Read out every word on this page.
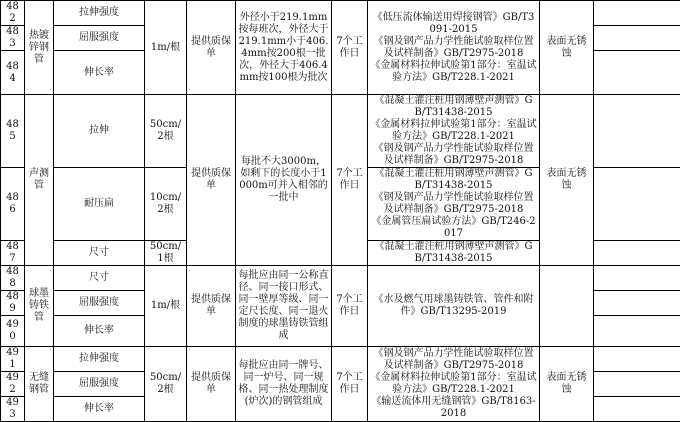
482	热镀锌钢管	拉伸强度	1m/根	提供质保单	外径小于219.1mm按每班次，外径大于219.1mm小于406.4mm按200根一批次，外径大于406.4mm按100根为批次	7个工作日	《低压流体输送用焊接钢管》GB/T3091-2015
《钢及钢产品力学性能试验取样位置及试样制备》GB/T2975-2018
《金属材料拉伸试验第1部分：室温试验方法》GB/T228.1-2021	表面无锈蚀	
483		屈服强度							
484		伸长率							
485	声测管	拉伸	50cm/2根	提供质保单	每批不大3000m，如剩下的长度小于1000m可并入相邻的一批中	7个工作日	《混凝土灌注桩用钢薄壁声测管》GB/T31438-2015
《金属材料拉伸试验第1部分：室温试验方法》GB/T228.1-2021
《钢及钢产品力学性能试验取样位置及试样制备》GB/T2975-2018	表面无锈蚀	
486		耐压扁	10cm/2根				《混凝土灌注桩用钢薄壁声测管》GB/T31438-2015
《钢及钢产品力学性能试验取样位置及试样制备》GB/T2975-2018
《金属管压扁试验方法》GB/T246-2017		
487		尺寸	50cm/1根				《混凝土灌注桩用钢薄壁声测管》GB/T31438-2015		
488	球墨铸铁管	尺寸	1m/根	提供质保单	每批应由同一公称直径、同一接口形式、同一壁厚等级、同一定尺长度、同一退火制度的球墨铸铁管组成	7个工作日	《水及燃气用球墨铸铁管、管件和附件》GB/T13295-2019		
489		屈服强度							
490		伸长率							
491	无缝钢管	拉伸强度	50cm/2根	提供质保单	每批应由同一牌号、同一炉号、同一规格、同一热处理制度(炉次)的钢管组成	7个工作日	《钢及钢产品力学性能试验取样位置及试样制备》GB/T2975-2018
《金属材料拉伸试验第1部分：室温试验方法》GB/T228.1-2021
《输送流体用无缝钢管》GB/T8163-2018	表面无锈蚀	
492		屈服强度							
493		伸长率							
